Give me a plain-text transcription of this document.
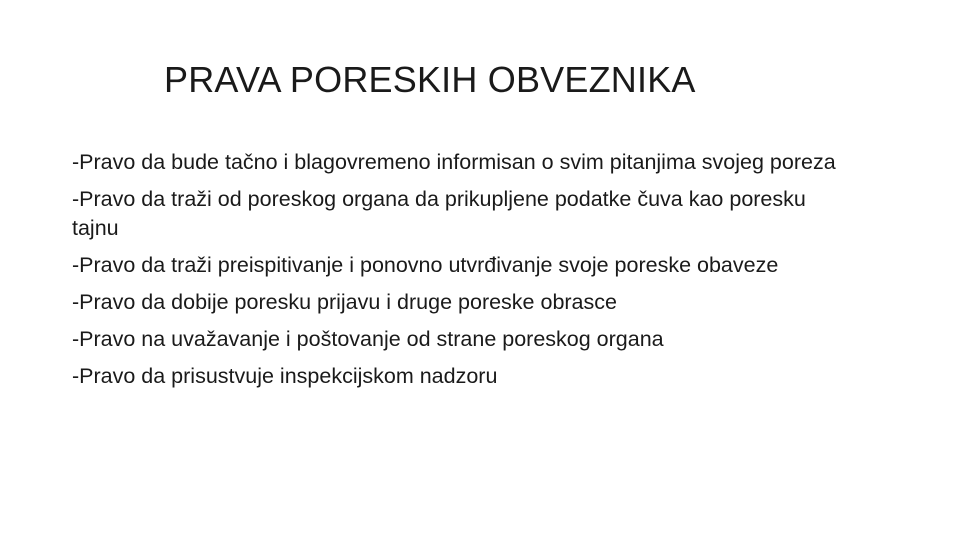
PRAVA PORESKIH OBVEZNIKA
-Pravo da bude tačno i blagovremeno informisan o svim pitanjima svojeg poreza
-Pravo da traži od poreskog organa da prikupljene podatke čuva kao poresku tajnu
-Pravo da traži preispitivanje i ponovno utvrđivanje svoje poreske obaveze
-Pravo da dobije poresku prijavu i druge poreske obrasce
-Pravo na uvažavanje i poštovanje od strane poreskog organa
-Pravo da prisustvuje inspekcijskom nadzoru
